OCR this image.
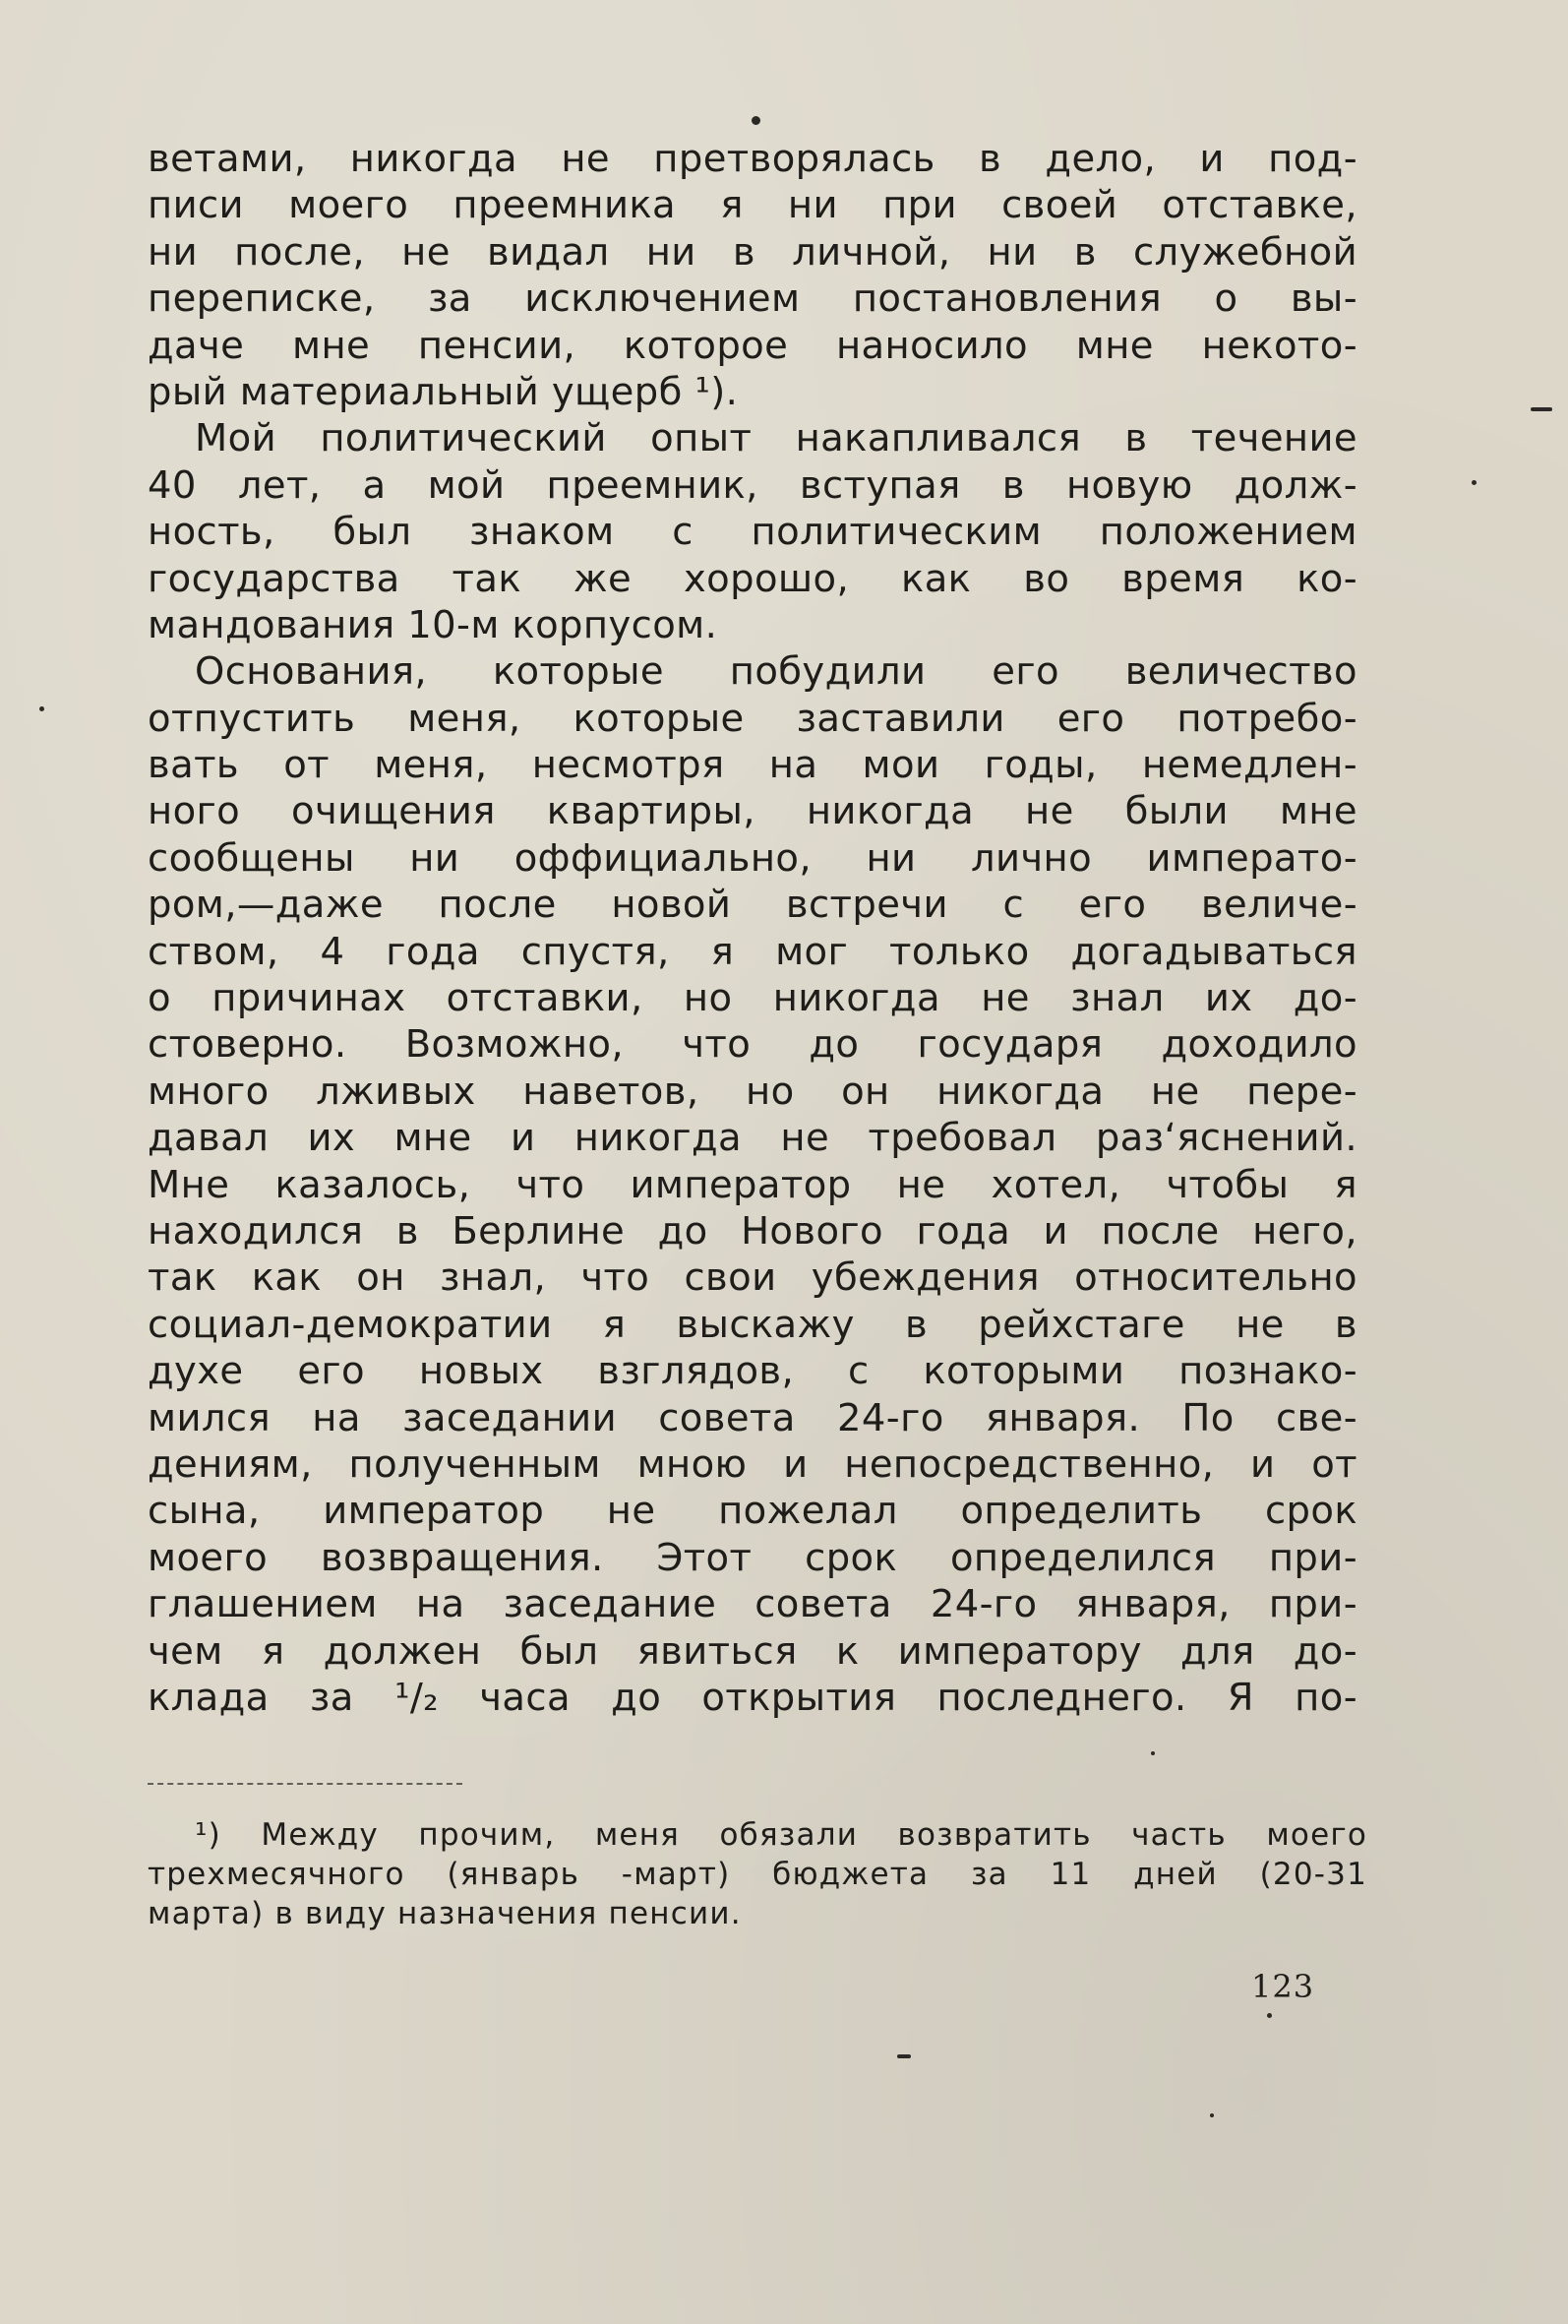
ветами, никогда не претворялась в дело, и под-
писи моего преемника я ни при своей отставке,
ни после, не видал ни в личной, ни в служебной
переписке, за исключением постановления о вы-
даче мне пенсии, которое наносило мне некото-
рый материальный ущерб ¹).
Мой политический опыт накапливался в течение
40 лет, а мой преемник, вступая в новую долж-
ность, был знаком с политическим положением
государства так же хорошо, как во время ко-
мандования 10-м корпусом.
Основания, которые побудили его величество
отпустить меня, которые заставили его потребо-
вать от меня, несмотря на мои годы, немедлен-
ного очищения квартиры, никогда не были мне
сообщены ни оффициально, ни лично императо-
ром,—даже после новой встречи с его величе-
ством, 4 года спустя, я мог только догадываться
о причинах отставки, но никогда не знал их до-
стоверно. Возможно, что до государя доходило
много лживых наветов, но он никогда не пере-
давал их мне и никогда не требовал раз‘яснений.
Мне казалось, что император не хотел, чтобы я
находился в Берлине до Нового года и после него,
так как он знал, что свои убеждения относительно
социал-демократии я выскажу в рейхстаге не в
духе его новых взглядов, с которыми познако-
мился на заседании совета 24-го января. По све-
дениям, полученным мною и непосредственно, и от
сына, император не пожелал определить срок
моего возвращения. Этот срок определился при-
глашением на заседание совета 24-го января, при-
чем я должен был явиться к императору для до-
клада за ¹/₂ часа до открытия последнего. Я по-
¹) Между прочим, меня обязали возвратить часть моего
трехмесячного (январь -март) бюджета за 11 дней (20-31
марта) в виду назначения пенсии.
123
